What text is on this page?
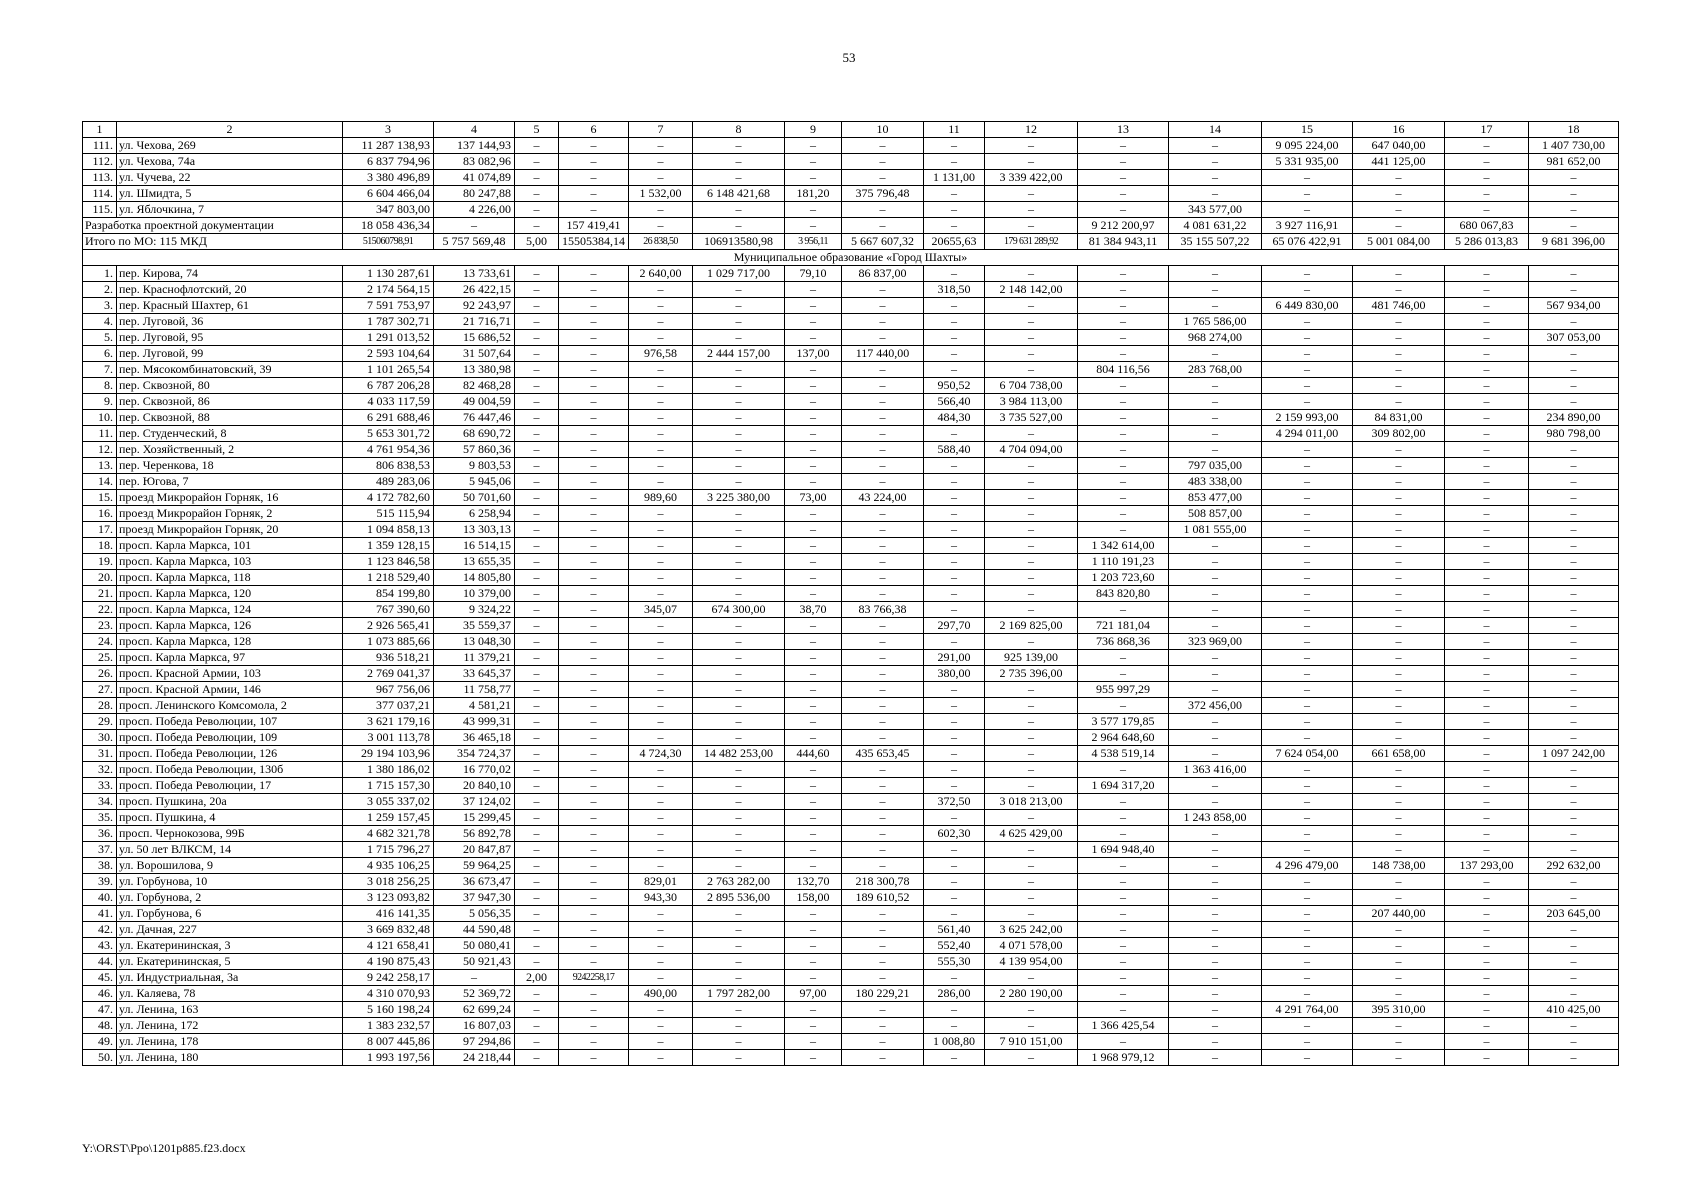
53
1	2	3	4	5	6	7	8	9	10	11	12	13	14	15	16	17	18
111.	ул. Чехова, 269	11 287 138,93	137 144,93	–	–	–	–	–	–	–	–	–	–	9 095 224,00	647 040,00	–	1 407 730,00
112.	ул. Чехова, 74а	6 837 794,96	83 082,96	–	–	–	–	–	–	–	–	–	–	5 331 935,00	441 125,00	–	981 652,00
113.	ул. Чучева, 22	3 380 496,89	41 074,89	–	–	–	–	–	–	1 131,00	3 339 422,00	–	–	–	–	–	–
114.	ул. Шмидта, 5	6 604 466,04	80 247,88	–	–	1 532,00	6 148 421,68	181,20	375 796,48	–	–	–	–	–	–	–	–
115.	ул. Яблочкина, 7	347 803,00	4 226,00	–	–	–	–	–	–	–	–	–	343 577,00	–	–	–	–
Разработка проектной документации		18 058 436,34	–	–	157 419,41	–	–	–	–	–	–	9 212 200,97	4 081 631,22	3 927 116,91	–	680 067,83	–
Итого по МО: 115 МКД		515060798,91	5 757 569,48	5,00	15505384,14	26 838,50	106913580,98	3 956,11	5 667 607,32	20655,63	179 631 289,92	81 384 943,11	35 155 507,22	65 076 422,91	5 001 084,00	5 286 013,83	9 681 396,00
Муниципальное образование «Город Шахты»																	
1.	пер. Кирова, 74	1 130 287,61	13 733,61	–	–	2 640,00	1 029 717,00	79,10	86 837,00	–	–	–	–	–	–	–	–
2.	пер. Краснофлотский, 20	2 174 564,15	26 422,15	–	–	–	–	–	–	318,50	2 148 142,00	–	–	–	–	–	–
3.	пер. Красный Шахтер, 61	7 591 753,97	92 243,97	–	–	–	–	–	–	–	–	–	–	6 449 830,00	481 746,00	–	567 934,00
4.	пер. Луговой, 36	1 787 302,71	21 716,71	–	–	–	–	–	–	–	–	–	1 765 586,00	–	–	–	–
5.	пер. Луговой, 95	1 291 013,52	15 686,52	–	–	–	–	–	–	–	–	–	968 274,00	–	–	–	307 053,00
6.	пер. Луговой, 99	2 593 104,64	31 507,64	–	–	976,58	2 444 157,00	137,00	117 440,00	–	–	–	–	–	–	–	–
7.	пер. Мясокомбинатовский, 39	1 101 265,54	13 380,98	–	–	–	–	–	–	–	–	804 116,56	283 768,00	–	–	–	–
8.	пер. Сквозной, 80	6 787 206,28	82 468,28	–	–	–	–	–	–	950,52	6 704 738,00	–	–	–	–	–	–
9.	пер. Сквозной, 86	4 033 117,59	49 004,59	–	–	–	–	–	–	566,40	3 984 113,00	–	–	–	–	–	–
10.	пер. Сквозной, 88	6 291 688,46	76 447,46	–	–	–	–	–	–	484,30	3 735 527,00	–	–	2 159 993,00	84 831,00	–	234 890,00
11.	пер. Студенческий, 8	5 653 301,72	68 690,72	–	–	–	–	–	–	–	–	–	–	4 294 011,00	309 802,00	–	980 798,00
12.	пер. Хозяйственный, 2	4 761 954,36	57 860,36	–	–	–	–	–	–	588,40	4 704 094,00	–	–	–	–	–	–
13.	пер. Черенкова, 18	806 838,53	9 803,53	–	–	–	–	–	–	–	–	–	797 035,00	–	–	–	–
14.	пер. Югова, 7	489 283,06	5 945,06	–	–	–	–	–	–	–	–	–	483 338,00	–	–	–	–
15.	проезд Микрорайон Горняк, 16	4 172 782,60	50 701,60	–	–	989,60	3 225 380,00	73,00	43 224,00	–	–	–	853 477,00	–	–	–	–
16.	проезд Микрорайон Горняк, 2	515 115,94	6 258,94	–	–	–	–	–	–	–	–	–	508 857,00	–	–	–	–
17.	проезд Микрорайон Горняк, 20	1 094 858,13	13 303,13	–	–	–	–	–	–	–	–	–	1 081 555,00	–	–	–	–
18.	просп. Карла Маркса, 101	1 359 128,15	16 514,15	–	–	–	–	–	–	–	–	1 342 614,00	–	–	–	–	–
19.	просп. Карла Маркса, 103	1 123 846,58	13 655,35	–	–	–	–	–	–	–	–	1 110 191,23	–	–	–	–	–
20.	просп. Карла Маркса, 118	1 218 529,40	14 805,80	–	–	–	–	–	–	–	–	1 203 723,60	–	–	–	–	–
21.	просп. Карла Маркса, 120	854 199,80	10 379,00	–	–	–	–	–	–	–	–	843 820,80	–	–	–	–	–
22.	просп. Карла Маркса, 124	767 390,60	9 324,22	–	–	345,07	674 300,00	38,70	83 766,38	–	–	–	–	–	–	–	–
23.	просп. Карла Маркса, 126	2 926 565,41	35 559,37	–	–	–	–	–	–	297,70	2 169 825,00	721 181,04	–	–	–	–	–
24.	просп. Карла Маркса, 128	1 073 885,66	13 048,30	–	–	–	–	–	–	–	–	736 868,36	323 969,00	–	–	–	–
25.	просп. Карла Маркса, 97	936 518,21	11 379,21	–	–	–	–	–	–	291,00	925 139,00	–	–	–	–	–	–
26.	просп. Красной Армии, 103	2 769 041,37	33 645,37	–	–	–	–	–	–	380,00	2 735 396,00	–	–	–	–	–	–
27.	просп. Красной Армии, 146	967 756,06	11 758,77	–	–	–	–	–	–	–	–	955 997,29	–	–	–	–	–
28.	просп. Ленинского Комсомола, 2	377 037,21	4 581,21	–	–	–	–	–	–	–	–	–	372 456,00	–	–	–	–
29.	просп. Победа Революции, 107	3 621 179,16	43 999,31	–	–	–	–	–	–	–	–	3 577 179,85	–	–	–	–	–
30.	просп. Победа Революции, 109	3 001 113,78	36 465,18	–	–	–	–	–	–	–	–	2 964 648,60	–	–	–	–	–
31.	просп. Победа Революции, 126	29 194 103,96	354 724,37	–	–	4 724,30	14 482 253,00	444,60	435 653,45	–	–	4 538 519,14	–	7 624 054,00	661 658,00	–	1 097 242,00
32.	просп. Победа Революции, 130б	1 380 186,02	16 770,02	–	–	–	–	–	–	–	–	–	1 363 416,00	–	–	–	–
33.	просп. Победа Революции, 17	1 715 157,30	20 840,10	–	–	–	–	–	–	–	–	1 694 317,20	–	–	–	–	–
34.	просп. Пушкина, 20а	3 055 337,02	37 124,02	–	–	–	–	–	–	372,50	3 018 213,00	–	–	–	–	–	–
35.	просп. Пушкина, 4	1 259 157,45	15 299,45	–	–	–	–	–	–	–	–	–	1 243 858,00	–	–	–	–
36.	просп. Чернокозова, 99Б	4 682 321,78	56 892,78	–	–	–	–	–	–	602,30	4 625 429,00	–	–	–	–	–	–
37.	ул. 50 лет ВЛКСМ, 14	1 715 796,27	20 847,87	–	–	–	–	–	–	–	–	1 694 948,40	–	–	–	–	–
38.	ул. Ворошилова, 9	4 935 106,25	59 964,25	–	–	–	–	–	–	–	–	–	–	4 296 479,00	148 738,00	137 293,00	292 632,00
39.	ул. Горбунова, 10	3 018 256,25	36 673,47	–	–	829,01	2 763 282,00	132,70	218 300,78	–	–	–	–	–	–	–	–
40.	ул. Горбунова, 2	3 123 093,82	37 947,30	–	–	943,30	2 895 536,00	158,00	189 610,52	–	–	–	–	–	–	–	–
41.	ул. Горбунова, 6	416 141,35	5 056,35	–	–	–	–	–	–	–	–	–	–	–	207 440,00	–	203 645,00
42.	ул. Дачная, 227	3 669 832,48	44 590,48	–	–	–	–	–	–	561,40	3 625 242,00	–	–	–	–	–	–
43.	ул. Екатерининская, 3	4 121 658,41	50 080,41	–	–	–	–	–	–	552,40	4 071 578,00	–	–	–	–	–	–
44.	ул. Екатерининская, 5	4 190 875,43	50 921,43	–	–	–	–	–	–	555,30	4 139 954,00	–	–	–	–	–	–
45.	ул. Индустриальная, 3а	9 242 258,17	–	2,00	9242258,17	–	–	–	–	–	–	–	–	–	–	–	–
46.	ул. Каляева, 78	4 310 070,93	52 369,72	–	–	490,00	1 797 282,00	97,00	180 229,21	286,00	2 280 190,00	–	–	–	–	–	–
47.	ул. Ленина, 163	5 160 198,24	62 699,24	–	–	–	–	–	–	–	–	–	–	4 291 764,00	395 310,00	–	410 425,00
48.	ул. Ленина, 172	1 383 232,57	16 807,03	–	–	–	–	–	–	–	–	1 366 425,54	–	–	–	–	–
49.	ул. Ленина, 178	8 007 445,86	97 294,86	–	–	–	–	–	–	1 008,80	7 910 151,00	–	–	–	–	–	–
50.	ул. Ленина, 180	1 993 197,56	24 218,44	–	–	–	–	–	–	–	–	1 968 979,12	–	–	–	–	–
Y:\ORST\Ppo\1201p885.f23.docx
